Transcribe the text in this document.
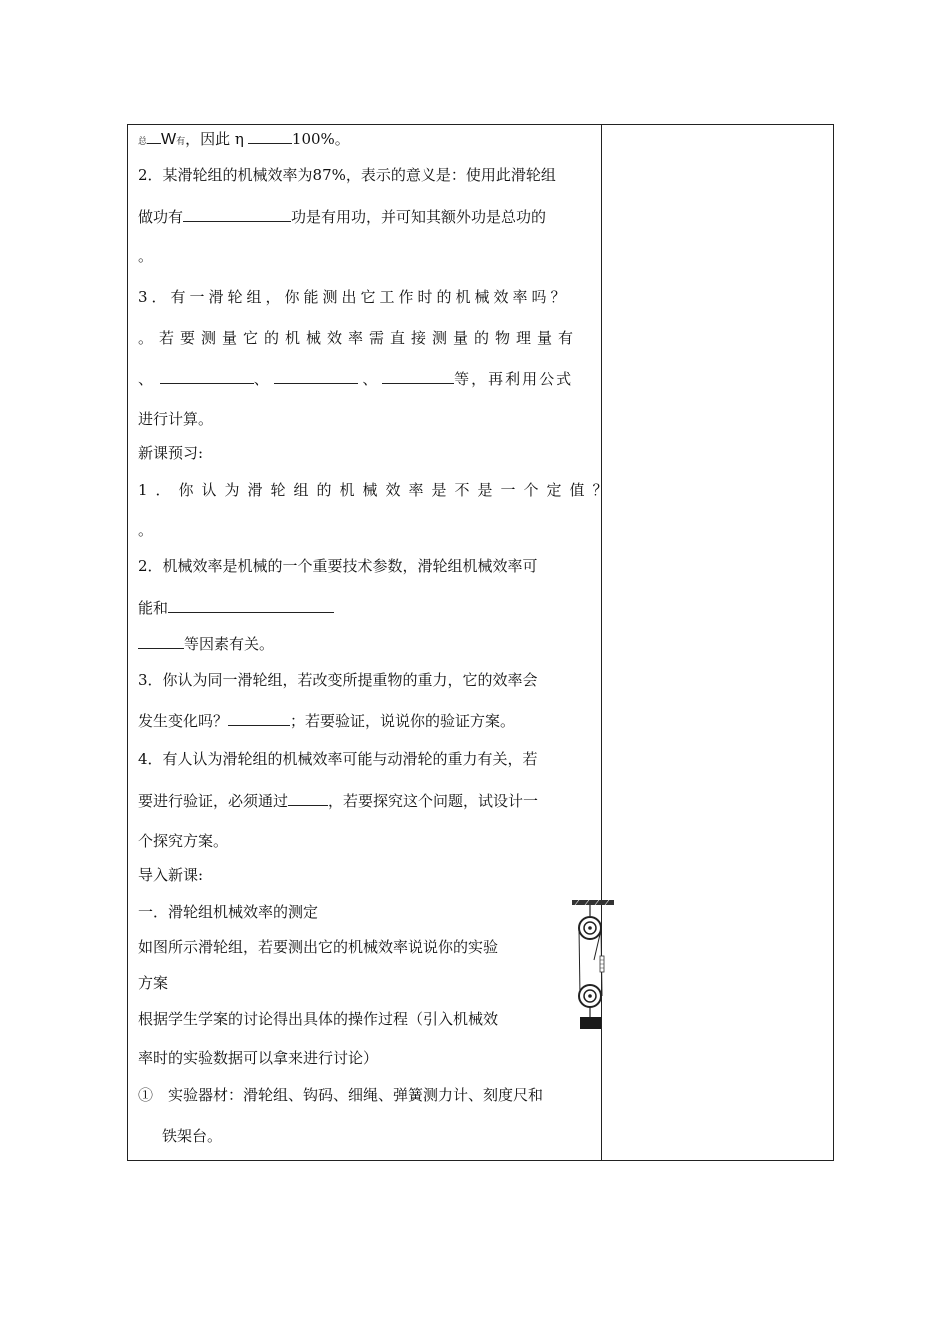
总 W有，因此 η	100%。
2．某滑轮组的机械效率为87%，表示的意义是：使用此滑轮组
做功有	功是有用功，并可知其额外功是总功的
。
3．有一滑轮组，你能测出它工作时的机械效率吗？
。若要测量它的机械效率需直接测量的物理量有
、	、	、	等，再利用公式
进行计算。
新课预习:
1．你认为滑轮组的机械效率是不是一个定值？
。
2．机械效率是机械的一个重要技术参数，滑轮组机械效率可
能和
等因素有关。
3．你认为同一滑轮组，若改变所提重物的重力，它的效率会
发生变化吗？	；若要验证，说说你的验证方案。
4．有人认为滑轮组的机械效率可能与动滑轮的重力有关，若
要进行验证，必须通过	，若要探究这个问题，试设计一
个探究方案。
导入新课:
一．滑轮组机械效率的测定
如图所示滑轮组，若要测出它的机械效率说说你的实验
方案
根据学生学案的讨论得出具体的操作过程（引入机械效
率时的实验数据可以拿来进行讨论）
①　实验器材：滑轮组、钩码、细绳、弹簧测力计、刻度尺和
铁架台。
